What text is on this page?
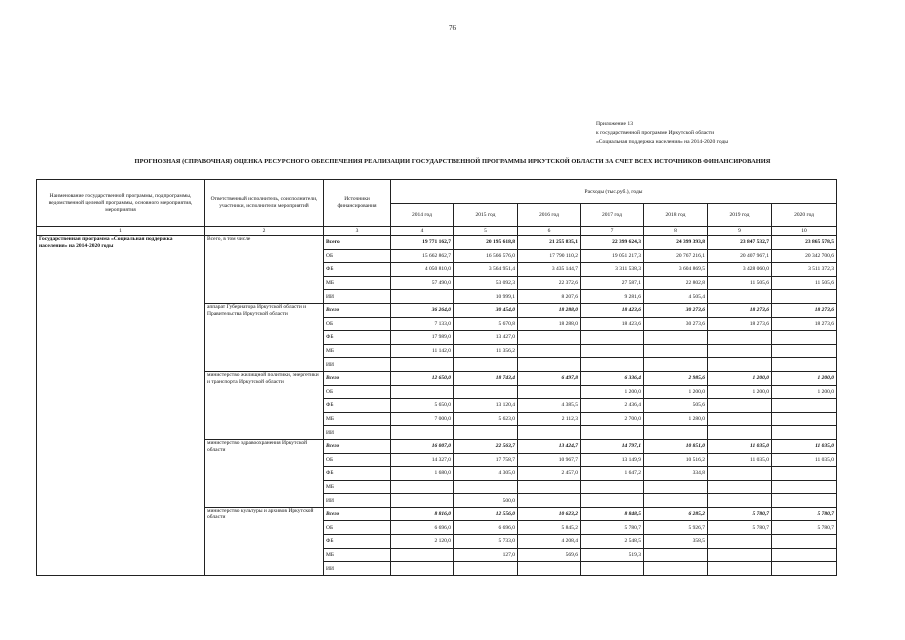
76
Приложение 13
к государственной программе Иркутской области
«Социальная поддержка населения» на 2014-2020 годы
ПРОГНОЗНАЯ (СПРАВОЧНАЯ) ОЦЕНКА РЕСУРСНОГО ОБЕСПЕЧЕНИЯ РЕАЛИЗАЦИИ ГОСУДАРСТВЕННОЙ ПРОГРАММЫ ИРКУТСКОЙ ОБЛАСТИ ЗА СЧЕТ ВСЕХ ИСТОЧНИКОВ ФИНАНСИРОВАНИЯ
Наименование государственной программы, подпрограммы, ведомственной целевой программы, основного мероприятия, мероприятия	Ответственный исполнитель, соисполнители, участники, исполнители мероприятий	Источники финансирования	Расходы (тыс.руб.), годы						
			2014 год	2015 год	2016 год	2017 год	2018 год	2019 год	2020 год
1	2	3	4	5	6	7	8	9	10
Государственная программа «Социальная поддержка населения» на 2014-2020 годы	Всего, в том числе	Всего	19 771 162,7	20 195 618,8	21 255 835,1	22 399 624,3	24 399 393,8	23 847 532,7	23 865 578,5
		ОБ	15 662 862,7	16 566 576,0	17 790 110,2	19 051 217,3	20 767 216,1	20 407 967,1	20 342 700,6
		ФБ	4 050 810,0	3 564 951,4	3 435 144,7	3 311 538,3	3 604 869,5	3 428 060,0	3 511 372,3
		МБ	57 490,0	53 092,3	22 372,6	27 587,1	22 802,8	11 505,6	11 505,6
		ИИ		10 999,1	8 207,6	9 281,6	4 505,4		
	аппарат Губернатора Иркутской области и Правительства Иркутской области	Всего	36 264,0	30 454,0	18 288,0	18 423,6	30 273,6	18 273,6	18 273,6
		ОБ	7 133,0	5 670,8	18 288,0	18 423,6	30 273,6	18 273,6	18 273,6
		ФБ	17 989,0	13 427,0					
		МБ	11 142,0	11 356,2					
		ИИ							
	министерство жилищной политики, энергетики и транспорта Иркутской области	Всего	12 650,0	18 743,4	6 497,8	6 336,4	2 985,6	1 200,0	1 200,0
		ОБ				1 200,0	1 200,0	1 200,0	1 200,0
		ФБ	5 650,0	13 120,4	4 385,5	2 436,4	505,6		
		МБ	7 000,0	5 623,0	2 112,3	2 700,0	1 280,0		
		ИИ							
	министерство здравоохранения Иркутской области	Всего	16 007,0	22 563,7	13 424,7	14 797,1	10 851,0	11 035,0	11 035,0
		ОБ	14 327,0	17 758,7	10 967,7	13 149,9	10 516,2	11 035,0	11 035,0
		ФБ	1 680,0	4 305,0	2 457,0	1 647,2	334,8		
		МБ							
		ИИ		500,0					
	министерство культуры и архивов Иркутской области	Всего	8 816,0	12 556,0	10 623,2	8 848,5	6 285,2	5 780,7	5 780,7
		ОБ	6 696,0	6 696,0	5 845,2	5 780,7	5 926,7	5 780,7	5 780,7
		ФБ	2 120,0	5 733,0	4 208,4	2 548,5	358,5		
		МБ		127,0	569,6	519,3			
		ИИ							
